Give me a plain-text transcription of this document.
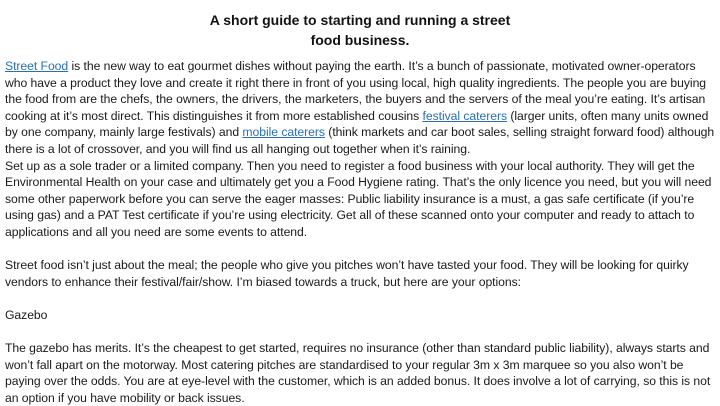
A short guide to starting and running a street
food business.

Street Food is the new way to eat gourmet dishes without paying the earth. It’s a bunch of passionate, motivated owner-operators who have a product they love and create it right there in front of you using local, high quality ingredients. The people you are buying the food from are the chefs, the owners, the drivers, the marketers, the buyers and the servers of the meal you’re eating. It’s artisan cooking at it’s most direct. This distinguishes it from more established cousins festival caterers (larger units, often many units owned by one company, mainly large festivals) and mobile caterers (think markets and car boot sales, selling straight forward food) although there is a lot of crossover, and you will find us all hanging out together when it’s raining.

Set up as a sole trader or a limited company. Then you need to register a food business with your local authority. They will get the Environmental Health on your case and ultimately get you a Food Hygiene rating. That’s the only licence you need, but you will need some other paperwork before you can serve the eager masses: Public liability insurance is a must, a gas safe certificate (if you’re using gas) and a PAT Test certificate if you’re using electricity. Get all of these scanned onto your computer and ready to attach to applications and all you need are some events to attend.

Street food isn’t just about the meal; the people who give you pitches won’t have tasted your food. They will be looking for quirky vendors to enhance their festival/fair/show. I’m biased towards a truck, but here are your options:

Gazebo

The gazebo has merits. It’s the cheapest to get started, requires no insurance (other than standard public liability), always starts and won’t fall apart on the motorway. Most catering pitches are standardised to your regular 3m x 3m marquee so you also won’t be paying over the odds. You are at eye-level with the customer, which is an added bonus. It does involve a lot of carrying, so this is not an option if you have mobility or back issues.
